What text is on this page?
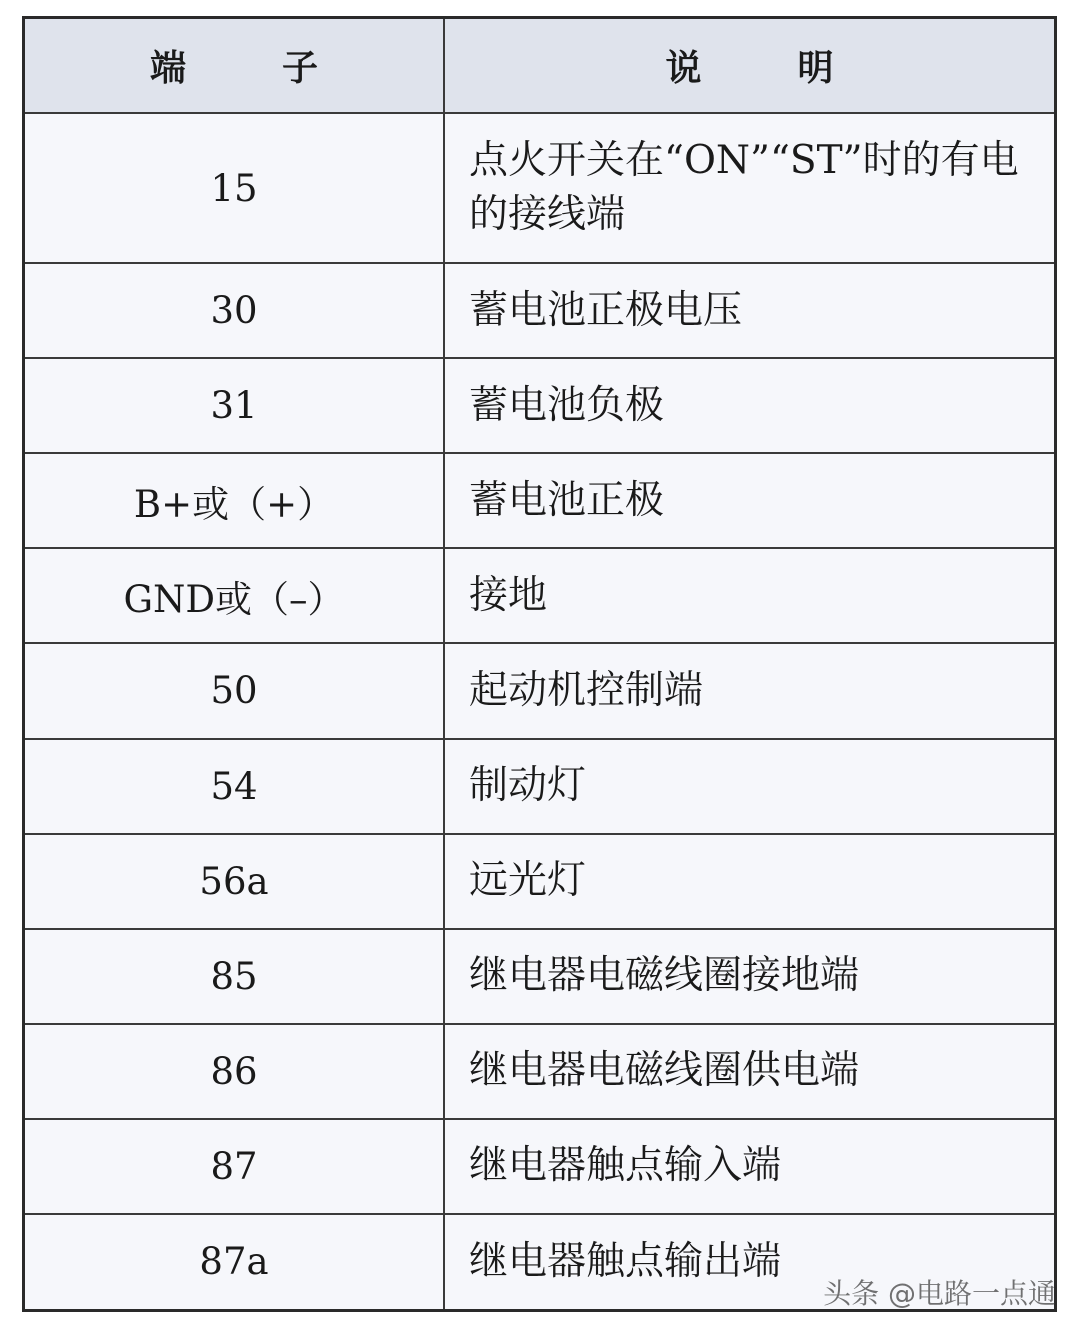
端　子	说　明
15	点火开关在“ON”“ST”时的有电的接线端
30	蓄电池正极电压
31	蓄电池负极
B+或（+）	蓄电池正极
GND或（–）	接地
50	起动机控制端
54	制动灯
56a	远光灯
85	继电器电磁线圈接地端
86	继电器电磁线圈供电端
87	继电器触点输入端
87a	继电器触点输出端
头条 @电路一点通
